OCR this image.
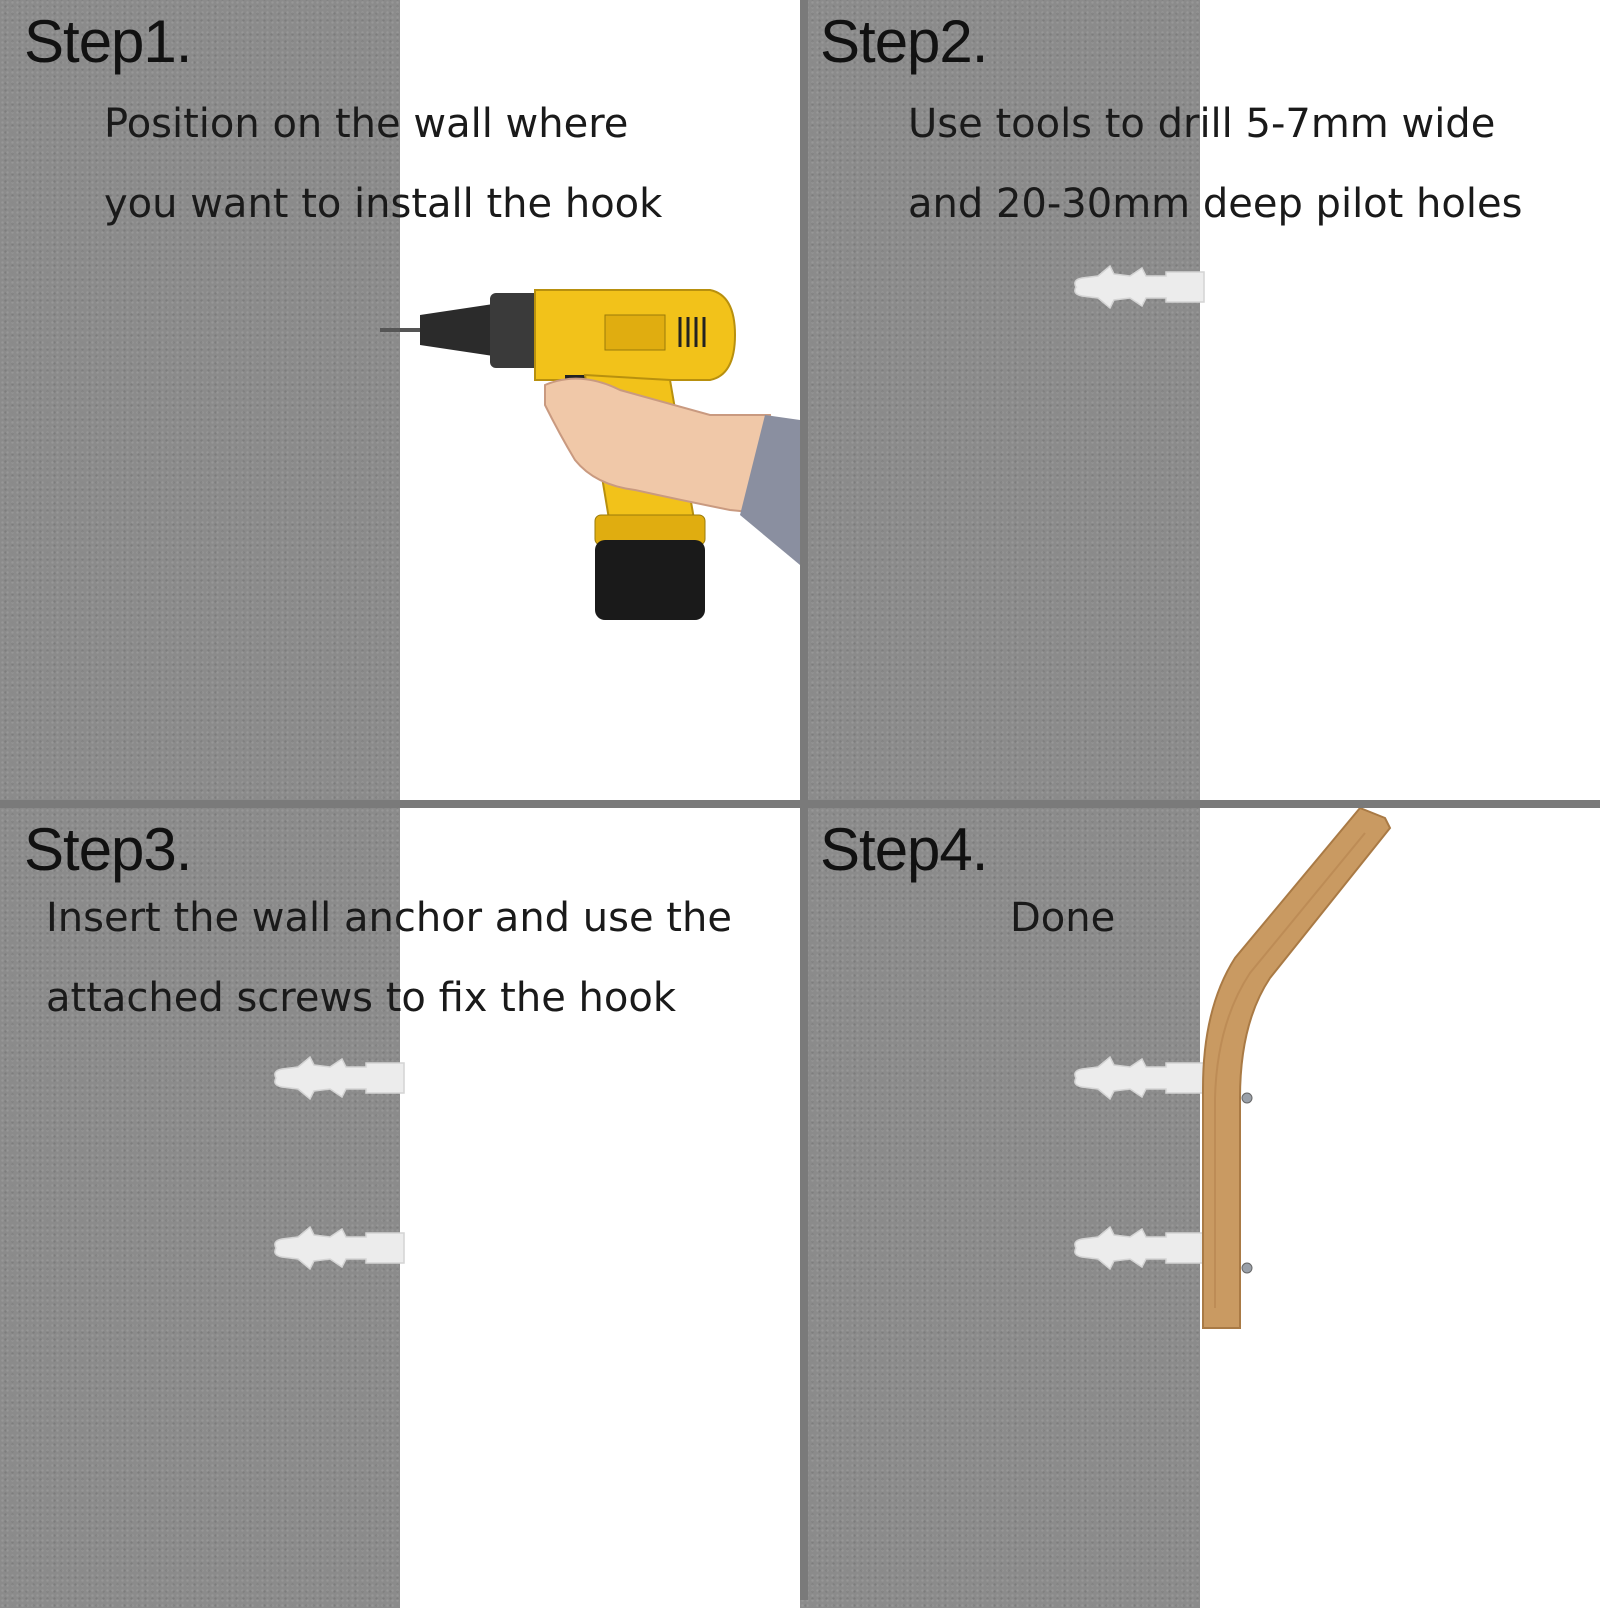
Step1.
Position on the wall where
you want to install the hook
Step2.
Use tools to drill 5-7mm wide
and 20-30mm deep pilot holes
Step3.
Insert the wall anchor and use the
attached screws to fix the hook
Step4.
Done
